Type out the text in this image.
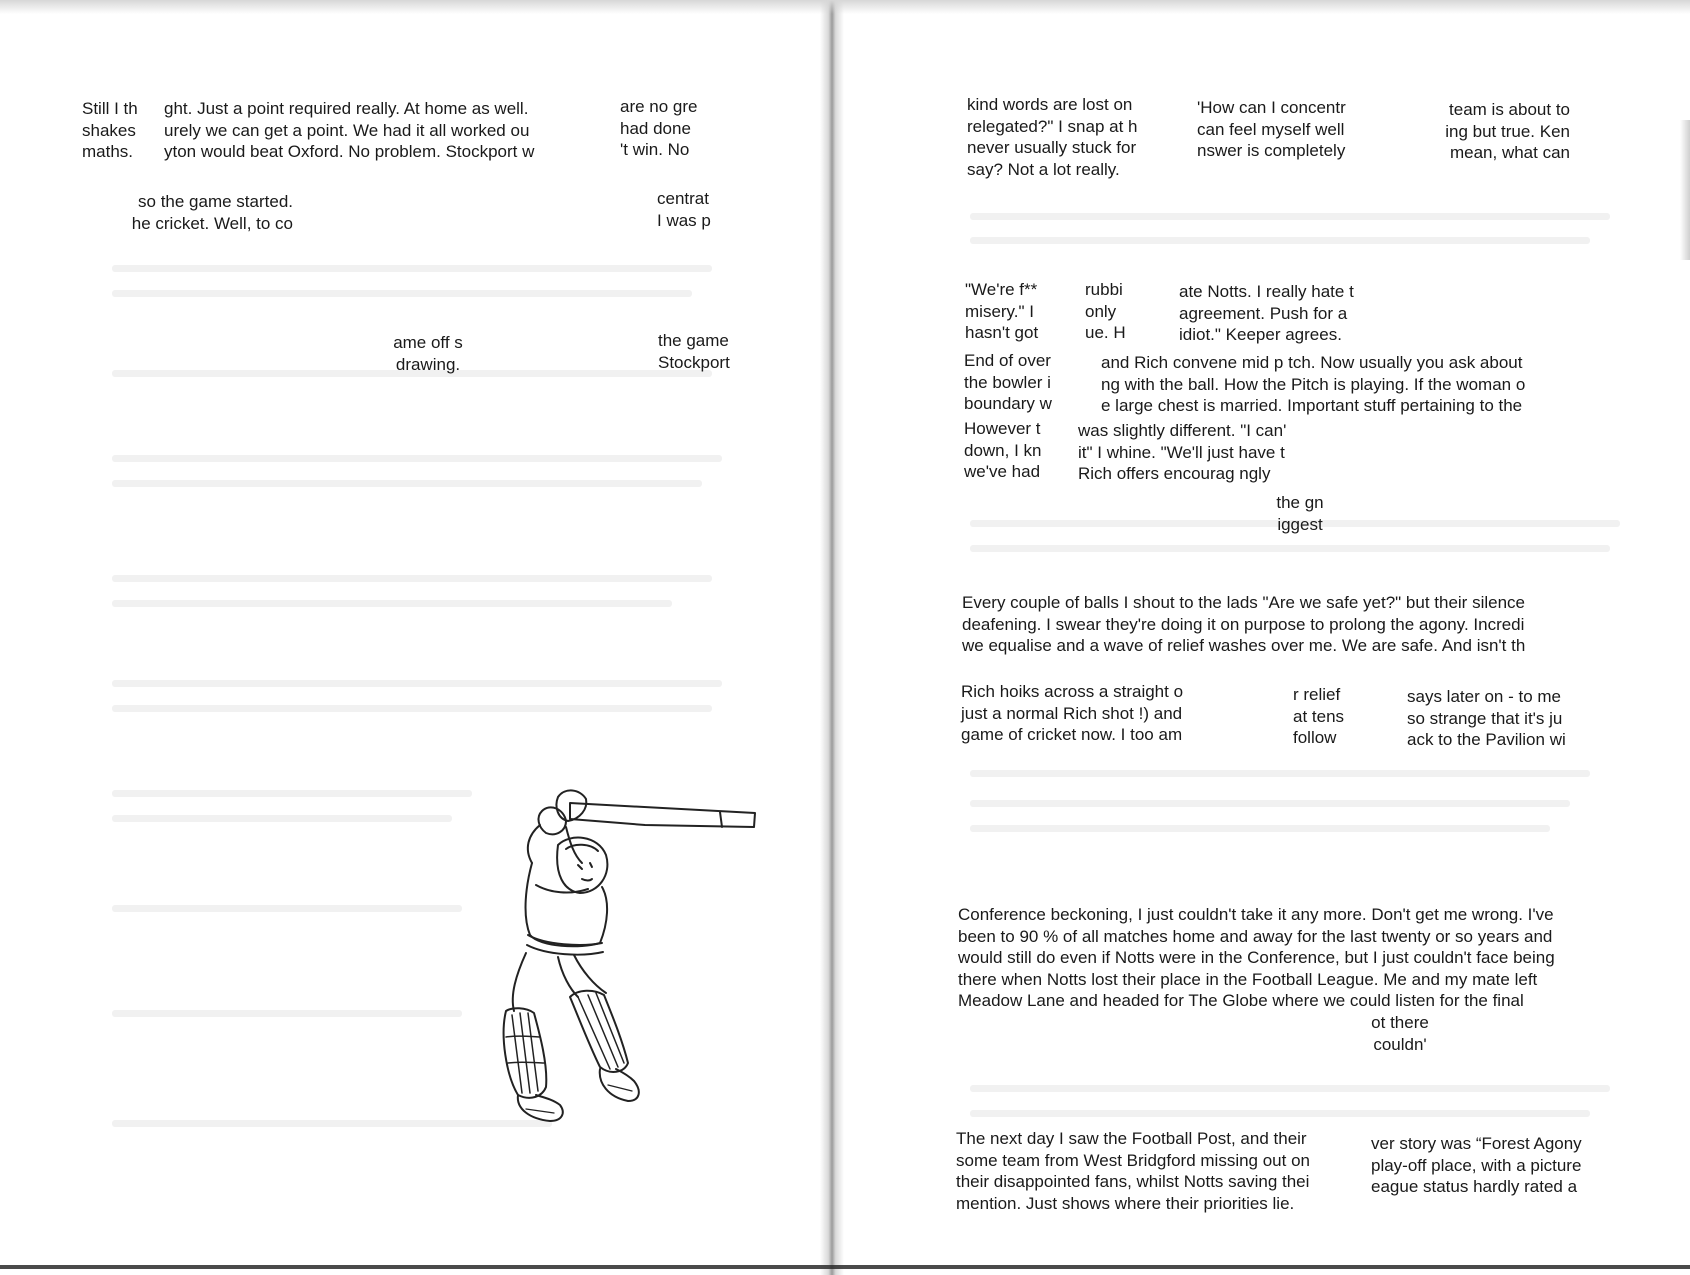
Still I th
shakes
maths.
ght. Just a point required really. At home as well.
urely we can get a point. We had it all worked ou
yton would beat Oxford. No problem. Stockport w
are no gre
had done
't win. No
so the game started.
he cricket. Well, to co
centrat
I was p
ame off s
drawing.
the game
Stockport
kind words are lost on
relegated?" I snap at h
never usually stuck for
say? Not a lot really.
'How can I concentr
can feel myself well
nswer is completely
team is about to
ing but true. Ken
mean, what can
"We're f**
misery." I
hasn't got
rubbi
only
ue. H
ate Notts. I really hate t
agreement. Push for a
idiot." Keeper agrees.
End of over
the bowler i
boundary w
and Rich convene mid p tch. Now usually you ask about
ng with the ball. How the Pitch is playing. If the woman o
e large chest is married. Important stuff pertaining to the
However t
down, I kn
we've had
was slightly different. "I can'
it" I whine. "We'll just have t
Rich offers encourag ngly
the gn
iggest
Every couple of balls I shout to the lads "Are we safe yet?" but their silence
deafening. I swear they're doing it on purpose to prolong the agony. Incredi
we equalise and a wave of relief washes over me. We are safe. And isn't th
Rich hoiks across a straight o
just a normal Rich shot !) and
game of cricket now. I too am
r relief
at tens
follow
says later on - to me
so strange that it's ju
ack to the Pavilion wi
Conference beckoning, I just couldn't take it any more. Don't get me wrong. I've
been to 90 % of all matches home and away for the last twenty or so years and
would still do even if Notts were in the Conference, but I just couldn't face being
there when Notts lost their place in the Football League. Me and my mate left
Meadow Lane and headed for The Globe where we could listen for the final
ot there
couldn'
The next day I saw the Football Post, and their
some team from West Bridgford missing out on
their disappointed fans, whilst Notts saving thei
mention. Just shows where their priorities lie.
ver story was “Forest Agony
play-off place, with a picture
eague status hardly rated a
